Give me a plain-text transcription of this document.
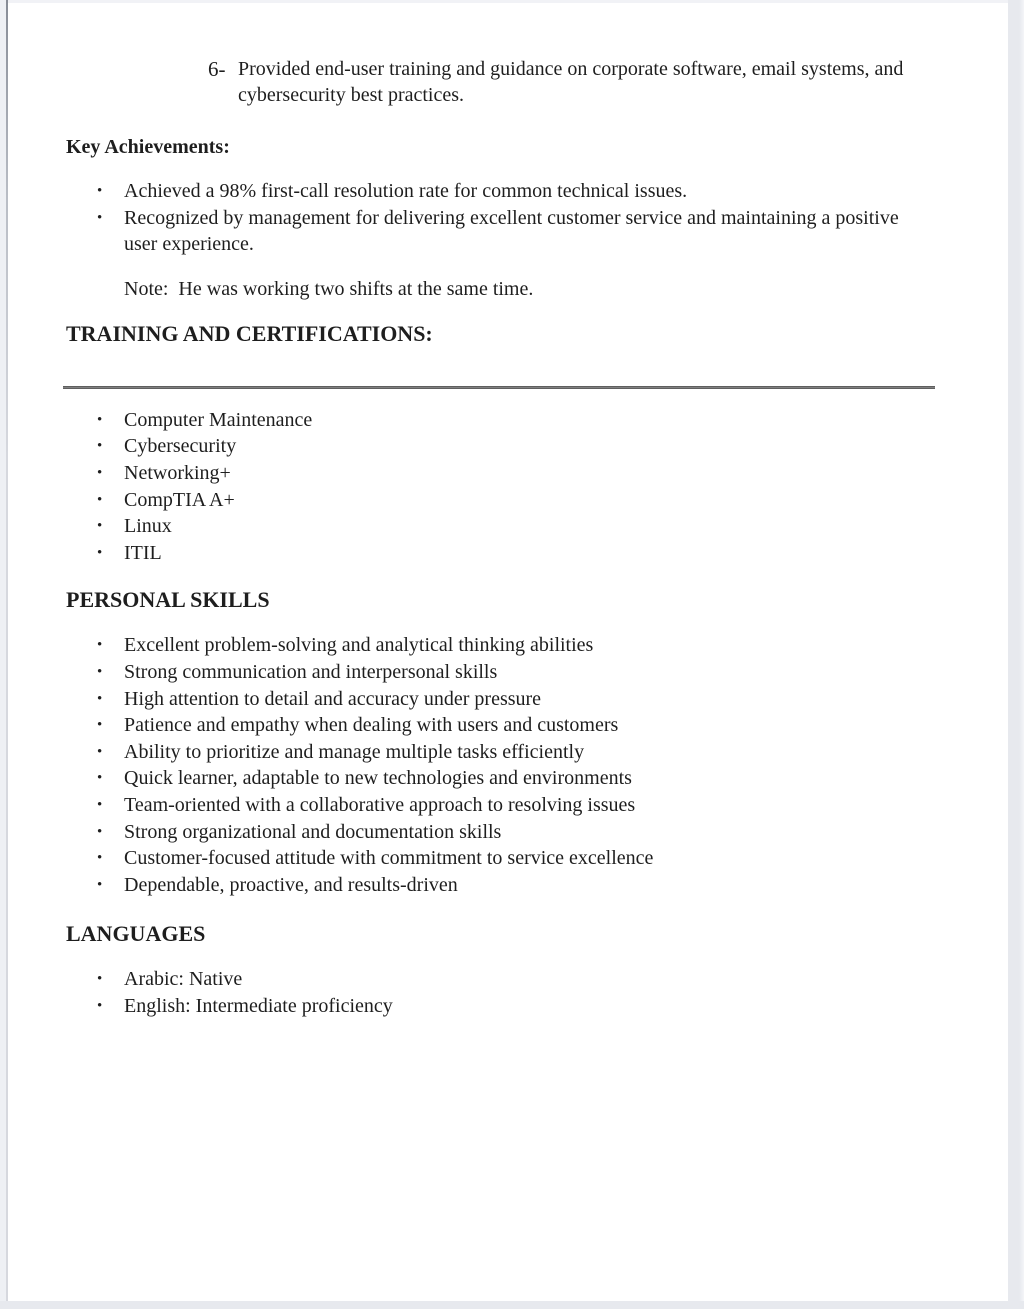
6- Provided end-user training and guidance on corporate software, email systems, and cybersecurity best practices.
Key Achievements:
•	Achieved a 98% first-call resolution rate for common technical issues.
•	Recognized by management for delivering excellent customer service and maintaining a positive user experience.
Note:  He was working two shifts at the same time.
TRAINING AND CERTIFICATIONS:
•	Computer Maintenance
•	Cybersecurity
•	Networking+
•	CompTIA A+
•	Linux
•	ITIL
PERSONAL SKILLS
•	Excellent problem-solving and analytical thinking abilities
•	Strong communication and interpersonal skills
•	High attention to detail and accuracy under pressure
•	Patience and empathy when dealing with users and customers
•	Ability to prioritize and manage multiple tasks efficiently
•	Quick learner, adaptable to new technologies and environments
•	Team-oriented with a collaborative approach to resolving issues
•	Strong organizational and documentation skills
•	Customer-focused attitude with commitment to service excellence
•	Dependable, proactive, and results-driven
LANGUAGES
•	Arabic: Native
•	English: Intermediate proficiency
